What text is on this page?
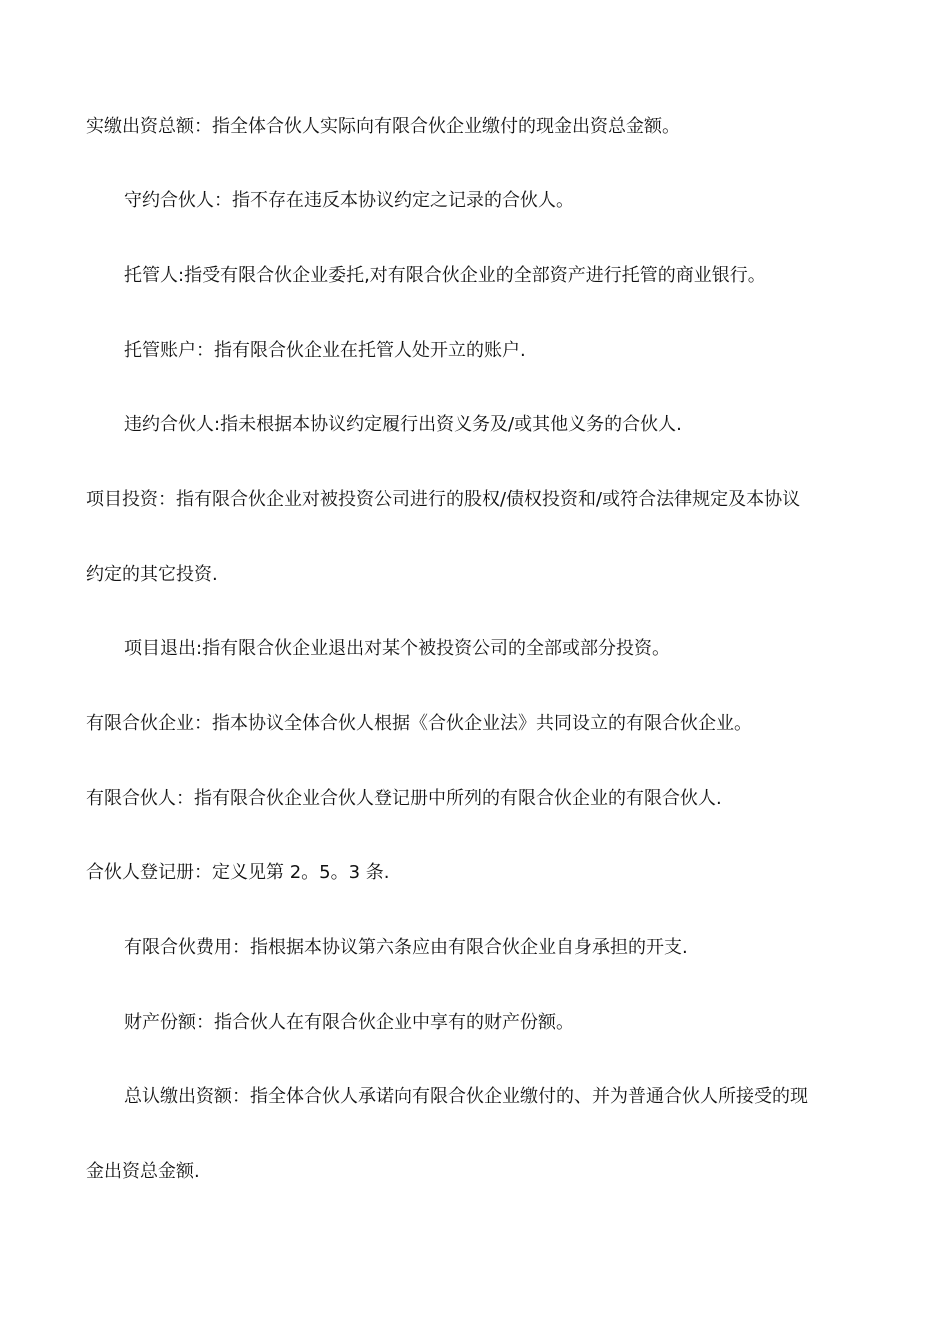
实缴出资总额：指全体合伙人实际向有限合伙企业缴付的现金出资总金额。
守约合伙人：指不存在违反本协议约定之记录的合伙人。
托管人:指受有限合伙企业委托,对有限合伙企业的全部资产进行托管的商业银行。
托管账户：指有限合伙企业在托管人处开立的账户.
违约合伙人:指未根据本协议约定履行出资义务及/或其他义务的合伙人.
项目投资：指有限合伙企业对被投资公司进行的股权/债权投资和/或符合法律规定及本协议
约定的其它投资.
项目退出:指有限合伙企业退出对某个被投资公司的全部或部分投资。
有限合伙企业：指本协议全体合伙人根据《合伙企业法》共同设立的有限合伙企业。
有限合伙人：指有限合伙企业合伙人登记册中所列的有限合伙企业的有限合伙人.
合伙人登记册：定义见第 2。5。3 条.
有限合伙费用：指根据本协议第六条应由有限合伙企业自身承担的开支.
财产份额：指合伙人在有限合伙企业中享有的财产份额。
总认缴出资额：指全体合伙人承诺向有限合伙企业缴付的、并为普通合伙人所接受的现
金出资总金额.
